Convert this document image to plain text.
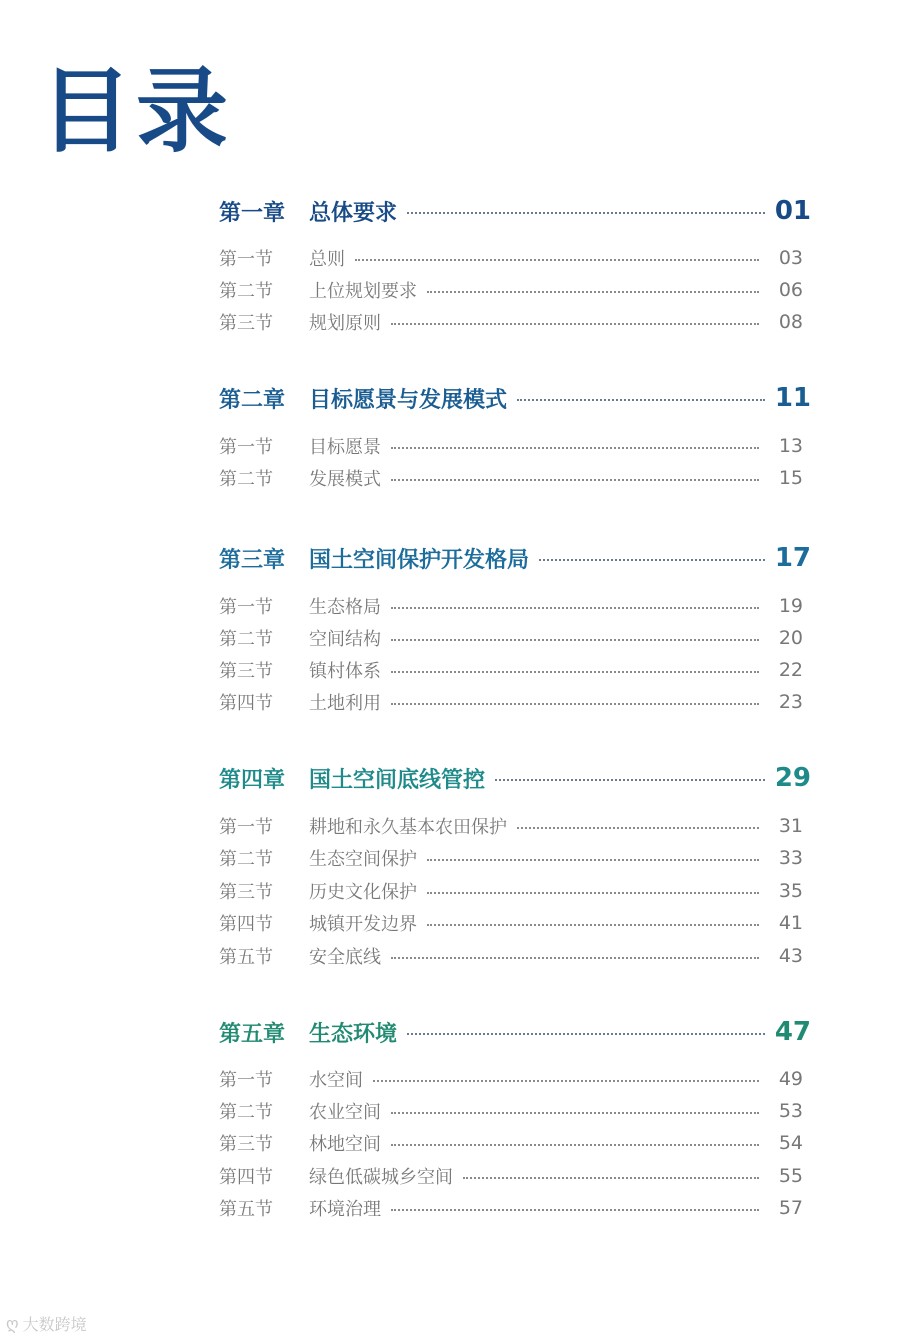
目录
第一章	总体要求	01
第一节	总则	03
第二节	上位规划要求	06
第三节	规划原则	08
第二章	目标愿景与发展模式	11
第一节	目标愿景	13
第二节	发展模式	15
第三章	国土空间保护开发格局	17
第一节	生态格局	19
第二节	空间结构	20
第三节	镇村体系	22
第四节	土地利用	23
第四章	国土空间底线管控	29
第一节	耕地和永久基本农田保护	31
第二节	生态空间保护	33
第三节	历史文化保护	35
第四节	城镇开发边界	41
第五节	安全底线	43
第五章	生态环境	47
第一节	水空间	49
第二节	农业空间	53
第三节	林地空间	54
第四节	绿色低碳城乡空间	55
第五节	环境治理	57
ღ 大数跨境
